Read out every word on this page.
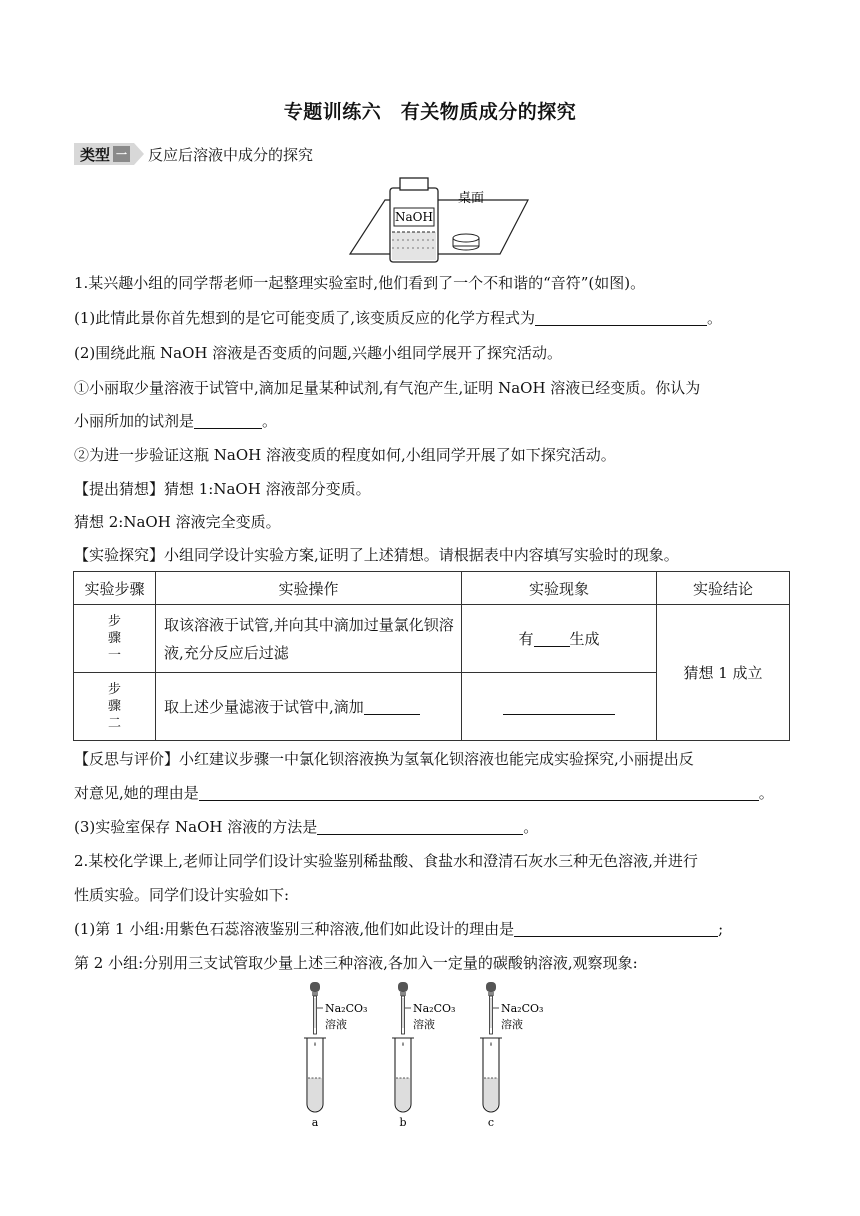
专题训练六　有关物质成分的探究
类型 一 反应后溶液中成分的探究
NaOH
桌面
1.某兴趣小组的同学帮老师一起整理实验室时,他们看到了一个不和谐的“音符”(如图)。
(1)此情此景你首先想到的是它可能变质了,该变质反应的化学方程式为	。
(2)围绕此瓶 NaOH 溶液是否变质的问题,兴趣小组同学展开了探究活动。
①小丽取少量溶液于试管中,滴加足量某种试剂,有气泡产生,证明 NaOH 溶液已经变质。你认为
小丽所加的试剂是	。
②为进一步验证这瓶 NaOH 溶液变质的程度如何,小组同学开展了如下探究活动。
【提出猜想】猜想 1:NaOH 溶液部分变质。
猜想 2:NaOH 溶液完全变质。
【实验探究】小组同学设计实验方案,证明了上述猜想。请根据表中内容填写实验时的现象。
实验步骤	实验操作	实验现象	实验结论

步骤一	取该溶液于试管,并向其中滴加过量氯化钡溶液,充分反应后过滤	有 生成	猜想 1 成立

步骤二	取上述少量滤液于试管中,滴加		
【反思与评价】小红建议步骤一中氯化钡溶液换为氢氧化钡溶液也能完成实验探究,小丽提出反
对意见,她的理由是	。
(3)实验室保存 NaOH 溶液的方法是	。
2.某校化学课上,老师让同学们设计实验鉴别稀盐酸、食盐水和澄清石灰水三种无色溶液,并进行
性质实验。同学们设计实验如下:
(1)第 1 小组:用紫色石蕊溶液鉴别三种溶液,他们如此设计的理由是	;
第 2 小组:分别用三支试管取少量上述三种溶液,各加入一定量的碳酸钠溶液,观察现象:
Na₂CO₃
溶液
Na₂CO₃
溶液
Na₂CO₃
溶液
a	b	c
